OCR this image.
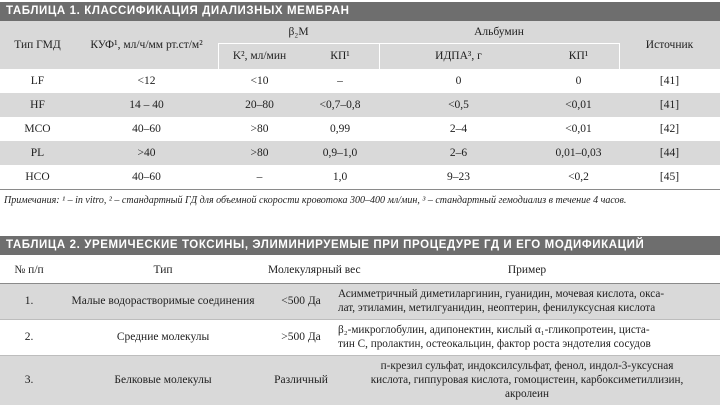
ТАБЛИЦА 1. КЛАССИФИКАЦИЯ ДИАЛИЗНЫХ МЕМБРАН
Тип ГМД	КУФ¹, мл/ч/мм рт.ст/м²	β₂М		Альбумин		Источник
		K², мл/мин	КП¹	ИДПА³, г	КП¹	
LF	<12	<10	–	0	0	[41]
HF	14 – 40	20–80	<0,7–0,8	<0,5	<0,01	[41]
MCO	40–60	>80	0,99	2–4	<0,01	[42]
PL	>40	>80	0,9–1,0	2–6	0,01–0,03	[44]
HCO	40–60	–	1,0	9–23	<0,2	[45]
Примечания: ¹ – in vitro, ² – стандартный ГД для объемной скорости кровотока 300–400 мл/мин, ³ – стандартный гемодиализ в течение 4 часов.
ТАБЛИЦА 2. УРЕМИЧЕСКИЕ ТОКСИНЫ, ЭЛИМИНИРУЕМЫЕ ПРИ ПРОЦЕДУРЕ ГД И ЕГО МОДИФИКАЦИЙ
№ п/п	Тип	Молекулярный вес	Пример
1.	Малые водорастворимые соединения	<500 Да	Асимметричный диметиларгинин, гуанидин, мочевая кислота, окса-
лат, этиламин, метилгуанидин, неоптерин, фенилуксусная кислота

2.	Средние молекулы	>500 Да	β₂-микроглобулин, адипонектин, кислый α₁-гликопротеин, циста-
тин С, пролактин, остеокальцин, фактор роста эндотелия сосудов

3.	Белковые молекулы	Различный	п-крезил сульфат, индоксилсульфат, фенол, индол-3-уксусная
кислота, гиппуровая кислота, гомоцистеин, карбоксиметиллизин,
акролеин
